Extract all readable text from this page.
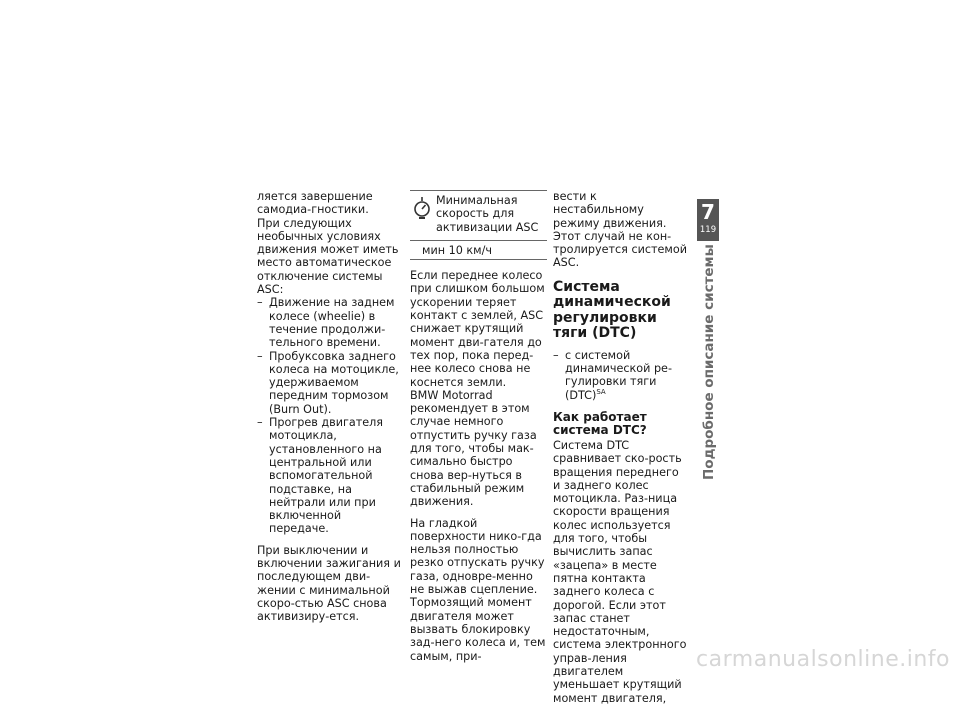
ляется завершение самодиа-гностики.

При следующих необычных условиях движения может иметь место автоматическое отключение системы ASC:

– Движение на заднем колесе (wheelie) в течение продолжи-тельного времени.
– Пробуксовка заднего колеса на мотоцикле, удерживаемом передним тормозом (Burn Out).
– Прогрев двигателя мотоцикла, установленного на центральной или вспомогательной подставке, на нейтрали или при включенной передаче.

При выключении и включении зажигания и последующем дви-жении с минимальной скоро-стью ASC снова активизиру-ется.

Минимальная скорость для активизации ASC
мин 10 км/ч

Если переднее колесо при слишком большом ускорении теряет контакт с землей, ASC снижает крутящий момент дви-гателя до тех пор, пока перед-нее колесо снова не коснется земли.

BMW Motorrad рекомендует в этом случае немного отпустить ручку газа для того, чтобы мак-симально быстро снова вер-нуться в стабильный режим движения.

На гладкой поверхности нико-гда нельзя полностью резко отпускать ручку газа, одновре-менно не выжав сцепление. Тормозящий момент двигателя может вызвать блокировку зад-него колеса и, тем самым, при-

вести к нестабильному режиму движения. Этот случай не кон-тролируется системой ASC.

Система динамической регулировки тяги (DTC)
– с системой динамической ре-гулировки тяги (DTC)$^{SA}$
Как работает система DTC?

Система DTC сравнивает ско-рость вращения переднего и заднего колес мотоцикла. Раз-ница скорости вращения колес используется для того, чтобы вычислить запас «зацепа» в месте пятна контакта заднего колеса с дорогой. Если этот запас станет недостаточным, система электронного управ-ления двигателем уменьшает крутящий момент двигателя,

7
119
Подробное описание системы
carmanualsonline.info
